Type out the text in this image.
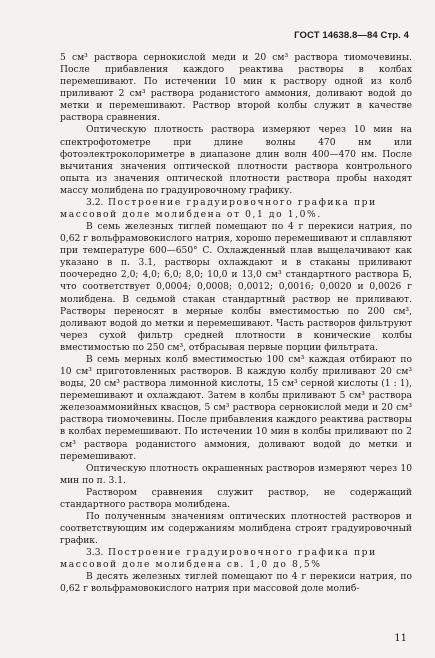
ГОСТ 14638.8—84 Стр. 4

5 см³ раствора сернокислой меди и 20 см³ раствора тиомочевины. После прибавления каждого реактива растворы в колбах перемешивают. По истечении 10 мин к раствору одной из колб приливают 2 см³ раствора роданистого аммония, доливают водой до метки и перемешивают. Раствор второй колбы служит в качестве раствора сравнения.

Оптическую плотность раствора измеряют через 10 мин на спектрофотометре при длине волны 470 нм или фотоэлектроколориметре в диапазоне длин волн 400—470 нм. После вычитания значения оптической плотности раствора контрольного опыта из значения оптической плотности раствора пробы находят массу молибдена по градуировочному графику.

3.2. Построение градуировочного графика при массовой доле молибдена от 0,1 до 1,0%.

В семь железных тиглей помещают по 4 г перекиси натрия, по 0,62 г вольфрамовокислого натрия, хорошо перемешивают и сплавляют при температуре 600—650° С. Охлажденный плав выщелачивают как указано в п. 3.1, растворы охлаждают и в стаканы приливают поочередно 2,0; 4,0; 6,0; 8,0; 10,0 и 13,0 см³ стандартного раствора Б, что соответствует 0,0004; 0,0008; 0,0012; 0,0016; 0,0020 и 0,0026 г молибдена. В седьмой стакан стандартный раствор не приливают. Растворы переносят в мерные колбы вместимостью по 200 см³, доливают водой до метки и перемешивают. Часть растворов фильтруют через сухой фильтр средней плотности в конические колбы вместимостью по 250 см³, отбрасывая первые порции фильтрата.

В семь мерных колб вместимостью 100 см³ каждая отбирают по 10 см³ приготовленных растворов. В каждую колбу приливают 20 см³ воды, 20 см³ раствора лимонной кислоты, 15 см³ серной кислоты (1 : 1), перемешивают и охлаждают. Затем в колбы приливают 5 см³ раствора железоаммонийных квасцов, 5 см³ раствора сернокислой меди и 20 см³ раствора тиомочевины. После прибавления каждого реактива растворы в колбах перемешивают. По истечении 10 мин в колбы приливают по 2 см³ раствора роданистого аммония, доливают водой до метки и перемешивают.

Оптическую плотность окрашенных растворов измеряют через 10 мин по п. 3.1.

Раствором сравнения служит раствор, не содержащий стандартного раствора молибдена.

По полученным значениям оптических плотностей растворов и соответствующим им содержаниям молибдена строят градуировочный график.

3.3. Построение градуировочного графика при массовой доле молибдена св. 1,0 до 8,5%

В десять железных тиглей помещают по 4 г перекиси натрия, по 0,62 г вольфрамовокислого натрия при массовой доле молиб-

11
